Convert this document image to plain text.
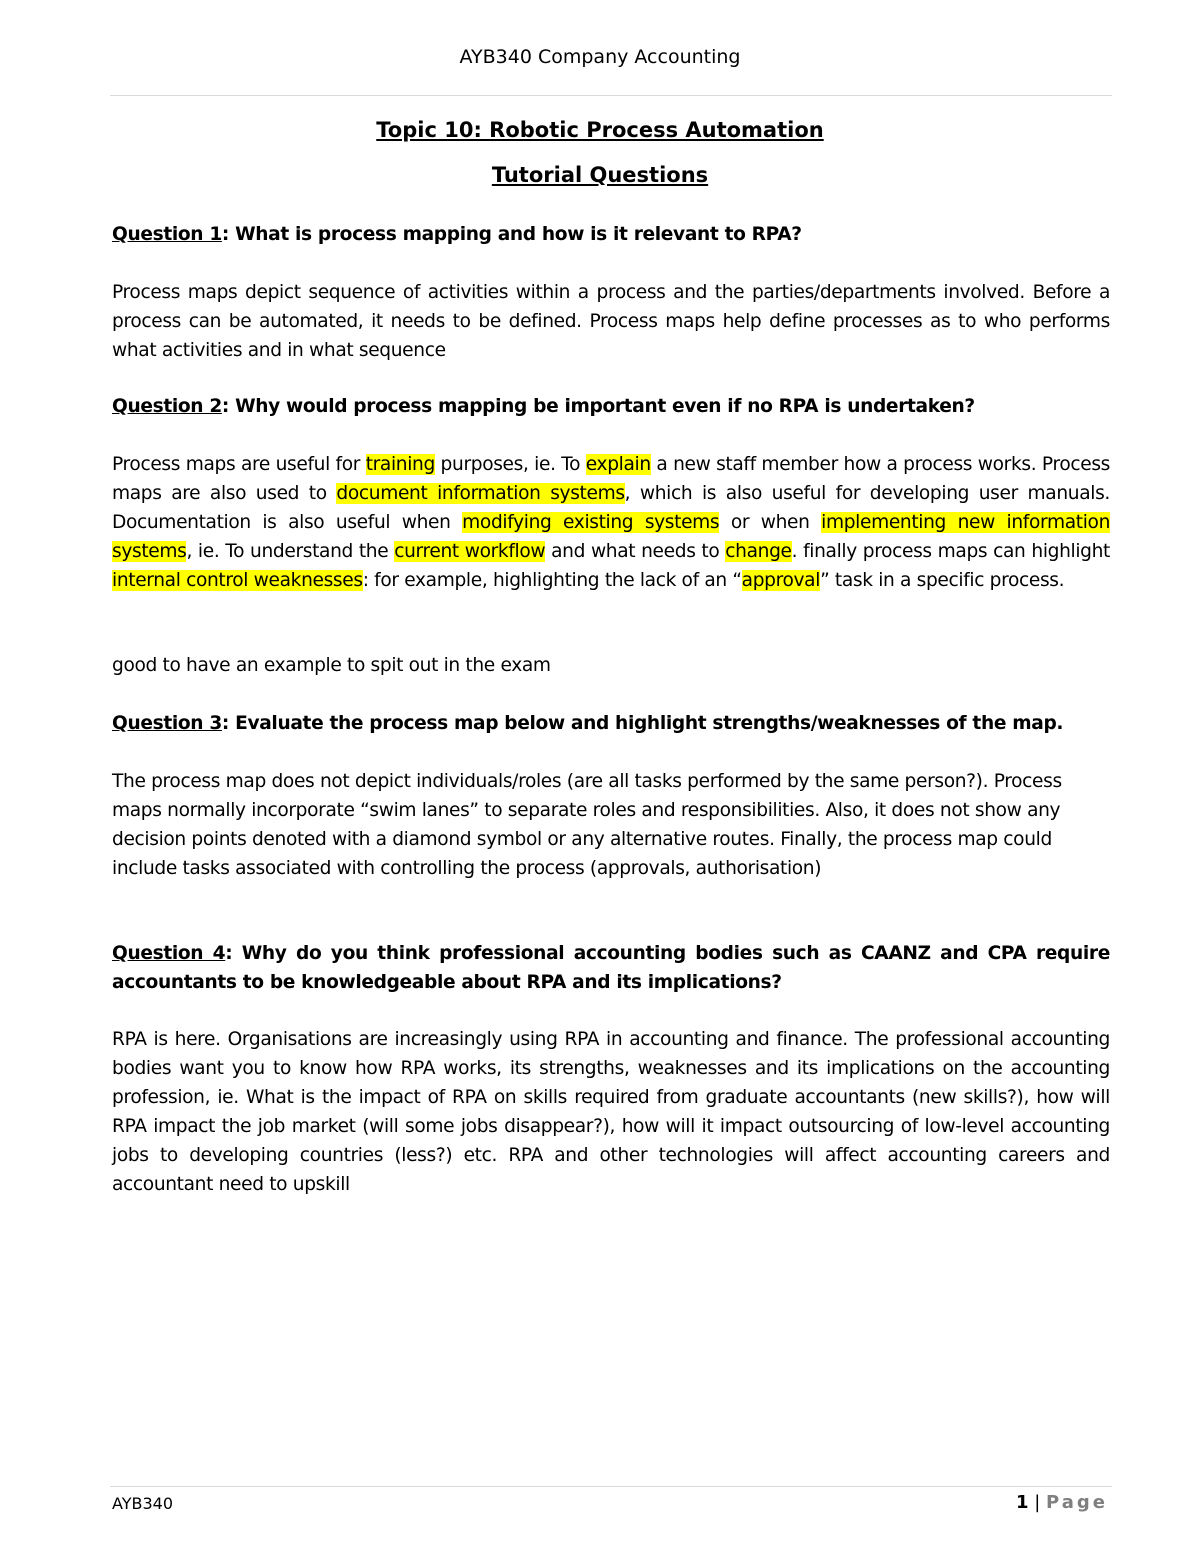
AYB340 Company Accounting
Topic 10: Robotic Process Automation
Tutorial Questions
Question 1: What is process mapping and how is it relevant to RPA?
Process maps depict sequence of activities within a process and the parties/departments involved. Before a process can be automated, it needs to be defined. Process maps help define processes as to who performs what activities and in what sequence
Question 2: Why would process mapping be important even if no RPA is undertaken?
Process maps are useful for training purposes, ie. To explain a new staff member how a process works. Process maps are also used to document information systems, which is also useful for developing user manuals. Documentation is also useful when modifying existing systems or when implementing new information systems, ie. To understand the current workflow and what needs to change. finally process maps can highlight internal control weaknesses: for example, highlighting the lack of an “approval” task in a specific process.
good to have an example to spit out in the exam
Question 3: Evaluate the process map below and highlight strengths/weaknesses of the map.
The process map does not depict individuals/roles (are all tasks performed by the same person?). Process maps normally incorporate “swim lanes” to separate roles and responsibilities. Also, it does not show any decision points denoted with a diamond symbol or any alternative routes. Finally, the process map could include tasks associated with controlling the process (approvals, authorisation)
Question 4: Why do you think professional accounting bodies such as CAANZ and CPA require accountants to be knowledgeable about RPA and its implications?
RPA is here. Organisations are increasingly using RPA in accounting and finance. The professional accounting bodies want you to know how RPA works, its strengths, weaknesses and its implications on the accounting profession, ie. What is the impact of RPA on skills required from graduate accountants (new skills?), how will RPA impact the job market (will some jobs disappear?), how will it impact outsourcing of low-level accounting jobs to developing countries (less?) etc. RPA and other technologies will affect accounting careers and accountant need to upskill
AYB340	1 | Page
